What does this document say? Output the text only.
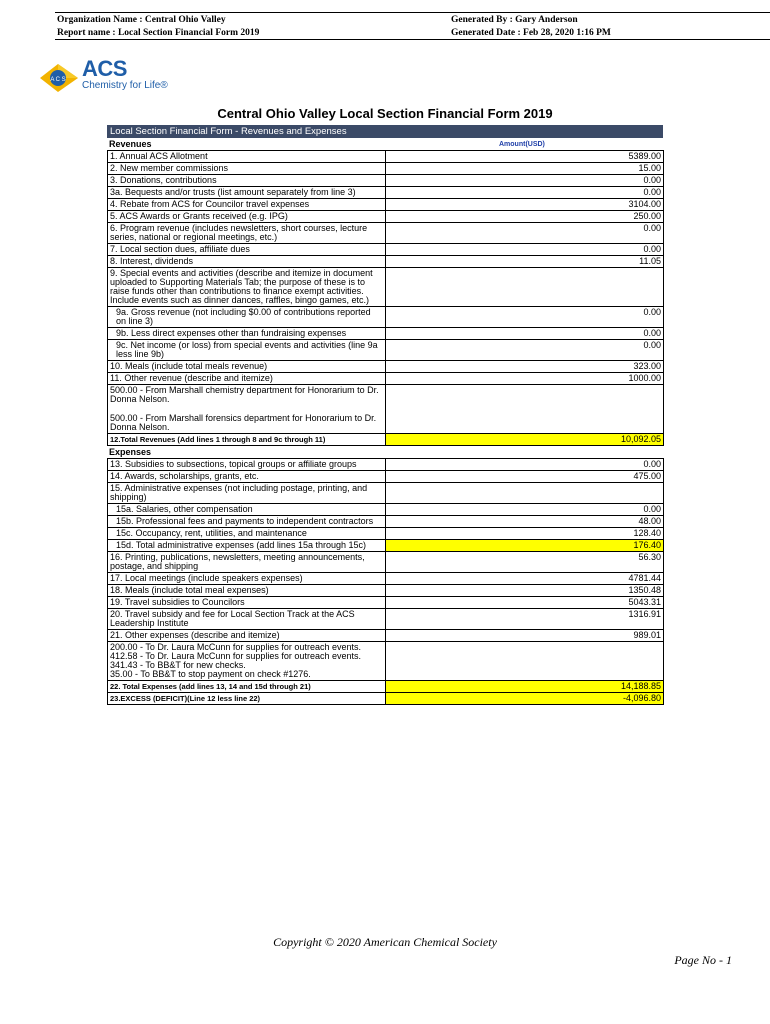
Organization Name : Central Ohio Valley	Generated By : Gary Anderson
Report name : Local Section Financial Form 2019	Generated Date : Feb 28, 2020 1:16 PM
A C S ACS
Chemistry for Life®
Central Ohio Valley Local Section Financial Form 2019
Local Section Financial Form - Revenues and Expenses
Revenues	Amount(USD)
1. Annual ACS Allotment	5389.00
2. New member commissions	15.00
3. Donations, contributions	0.00
3a. Bequests and/or trusts (list amount separately from line 3)	0.00
4. Rebate from ACS for Councilor travel expenses	3104.00
5. ACS Awards or Grants received (e.g. IPG)	250.00
6. Program revenue (includes newsletters, short courses, lecture series, national or regional meetings, etc.)	0.00
7. Local section dues, affiliate dues	0.00
8. Interest, dividends	11.05
9. Special events and activities (describe and itemize in document uploaded to Supporting Materials Tab; the purpose of these is to raise funds other than contributions to finance exempt activities. Include events such as dinner dances, raffles, bingo games, etc.)	
9a. Gross revenue (not including $0.00 of contributions reported on line 3)	0.00
9b. Less direct expenses other than fundraising expenses	0.00
9c. Net income (or loss) from special events and activities (line 9a less line 9b)	0.00
10. Meals (include total meals revenue)	323.00
11. Other revenue (describe and itemize)	1000.00

500.00 - From Marshall chemistry department for Honorarium to Dr. Donna Nelson.
500.00 - From Marshall forensics department for Honorarium to Dr. Donna Nelson.	

12.Total Revenues (Add lines 1 through 8 and 9c through 11)	10,092.05
Expenses
13. Subsidies to subsections, topical groups or affiliate groups	0.00
14. Awards, scholarships, grants, etc.	475.00
15. Administrative expenses (not including postage, printing, and shipping)	
15a. Salaries, other compensation	0.00
15b. Professional fees and payments to independent contractors	48.00
15c. Occupancy, rent, utilities, and maintenance	128.40
15d. Total administrative expenses (add lines 15a through 15c)	176.40
16. Printing, publications, newsletters, meeting announcements, postage, and shipping	56.30
17. Local meetings (include speakers expenses)	4781.44
18. Meals (include total meal expenses)	1350.48
19. Travel subsidies to Councilors	5043.31
20. Travel subsidy and fee for Local Section Track at the ACS Leadership Institute	1316.91
21. Other expenses (describe and itemize)	989.01

200.00 - To Dr. Laura McCunn for supplies for outreach events.
412.58 - To Dr. Laura McCunn for supplies for outreach events.
341.43 - To BB&T for new checks.
35.00 - To BB&T to stop payment on check #1276.	

22. Total Expenses (add lines 13, 14 and 15d through 21)	14,188.85
23.EXCESS (DEFICIT)(Line 12 less line 22)	-4,096.80
Copyright © 2020 American Chemical Society
Page No - 1
